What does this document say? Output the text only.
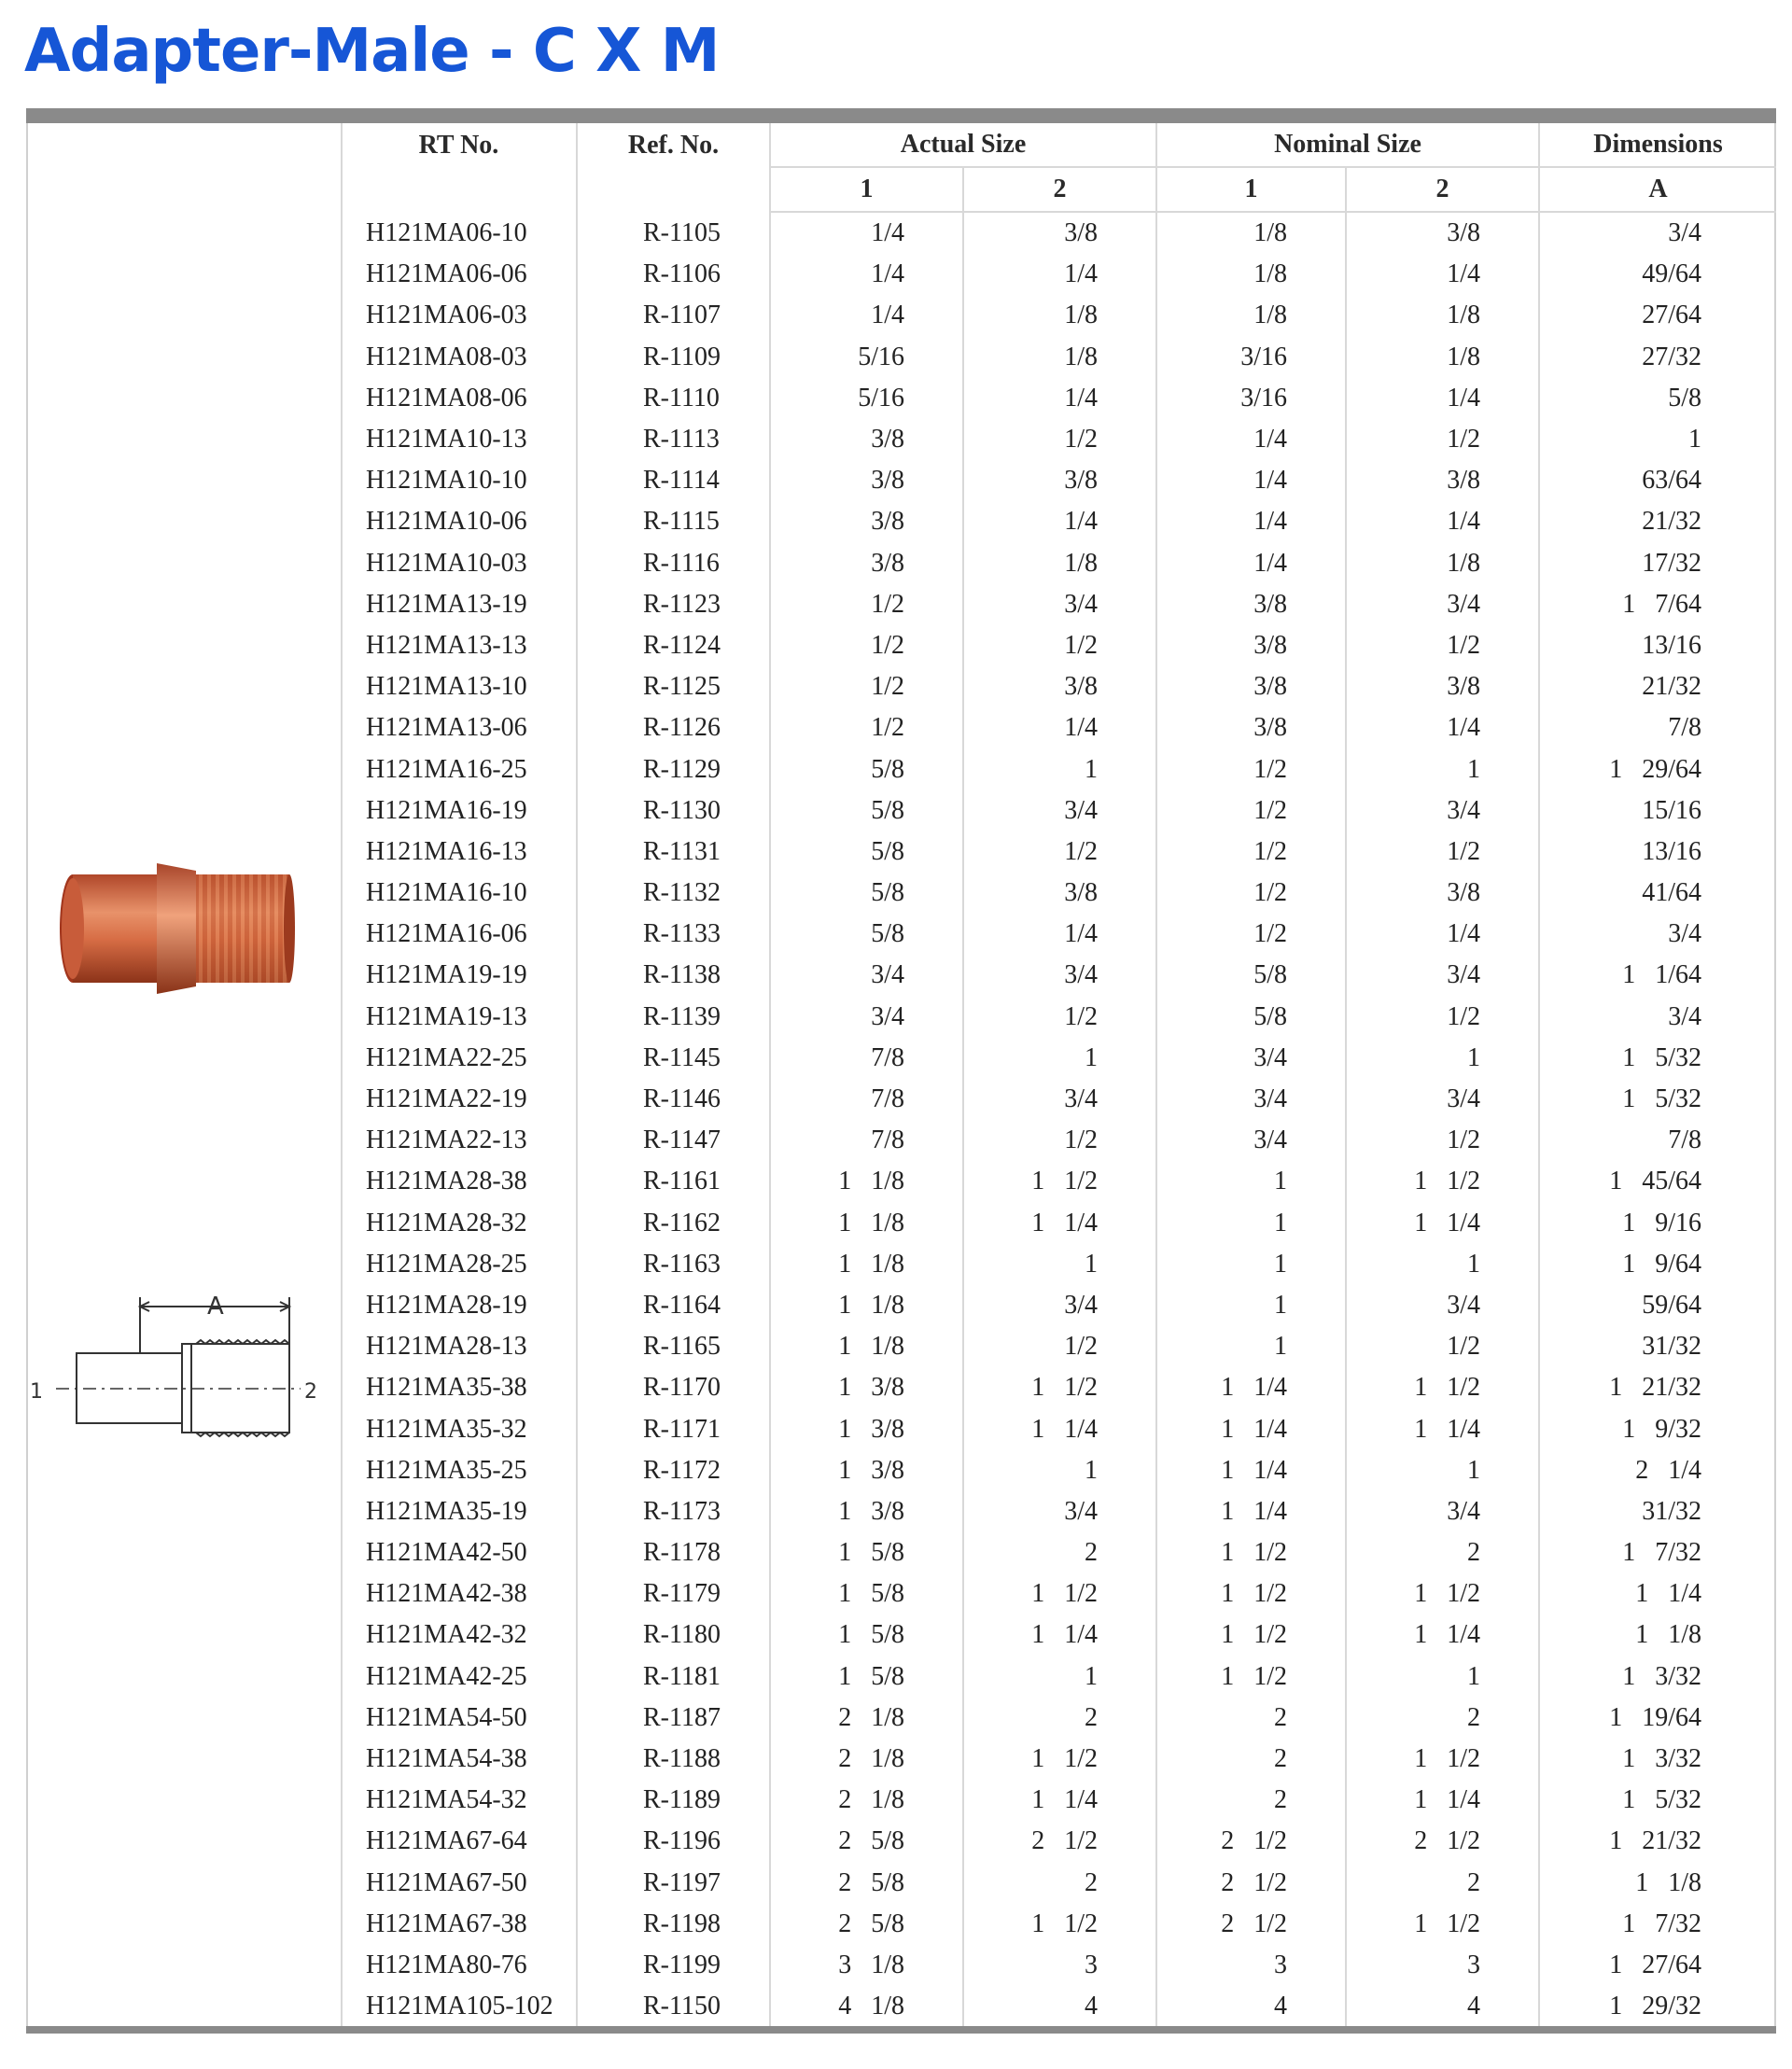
Adapter-Male - C X M
A
1	2
RT No.	Ref. No.	Actual Size		Nominal Size		Dimensions
		1	2	1	2	A
H121MA06-10	R-1105	1/4	3/8	1/8	3/8	3/4
H121MA06-06	R-1106	1/4	1/4	1/8	1/4	49/64
H121MA06-03	R-1107	1/4	1/8	1/8	1/8	27/64
H121MA08-03	R-1109	5/16	1/8	3/16	1/8	27/32
H121MA08-06	R-1110	5/16	1/4	3/16	1/4	5/8
H121MA10-13	R-1113	3/8	1/2	1/4	1/2	1
H121MA10-10	R-1114	3/8	3/8	1/4	3/8	63/64
H121MA10-06	R-1115	3/8	1/4	1/4	1/4	21/32
H121MA10-03	R-1116	3/8	1/8	1/4	1/8	17/32
H121MA13-19	R-1123	1/2	3/4	3/8	3/4	1   7/64
H121MA13-13	R-1124	1/2	1/2	3/8	1/2	13/16
H121MA13-10	R-1125	1/2	3/8	3/8	3/8	21/32
H121MA13-06	R-1126	1/2	1/4	3/8	1/4	7/8
H121MA16-25	R-1129	5/8	1	1/2	1	1   29/64
H121MA16-19	R-1130	5/8	3/4	1/2	3/4	15/16
H121MA16-13	R-1131	5/8	1/2	1/2	1/2	13/16
H121MA16-10	R-1132	5/8	3/8	1/2	3/8	41/64
H121MA16-06	R-1133	5/8	1/4	1/2	1/4	3/4
H121MA19-19	R-1138	3/4	3/4	5/8	3/4	1   1/64
H121MA19-13	R-1139	3/4	1/2	5/8	1/2	3/4
H121MA22-25	R-1145	7/8	1	3/4	1	1   5/32
H121MA22-19	R-1146	7/8	3/4	3/4	3/4	1   5/32
H121MA22-13	R-1147	7/8	1/2	3/4	1/2	7/8
H121MA28-38	R-1161	1   1/8	1   1/2	1	1   1/2	1   45/64
H121MA28-32	R-1162	1   1/8	1   1/4	1	1   1/4	1   9/16
H121MA28-25	R-1163	1   1/8	1	1	1	1   9/64
H121MA28-19	R-1164	1   1/8	3/4	1	3/4	59/64
H121MA28-13	R-1165	1   1/8	1/2	1	1/2	31/32
H121MA35-38	R-1170	1   3/8	1   1/2	1   1/4	1   1/2	1   21/32
H121MA35-32	R-1171	1   3/8	1   1/4	1   1/4	1   1/4	1   9/32
H121MA35-25	R-1172	1   3/8	1	1   1/4	1	2   1/4
H121MA35-19	R-1173	1   3/8	3/4	1   1/4	3/4	31/32
H121MA42-50	R-1178	1   5/8	2	1   1/2	2	1   7/32
H121MA42-38	R-1179	1   5/8	1   1/2	1   1/2	1   1/2	1   1/4
H121MA42-32	R-1180	1   5/8	1   1/4	1   1/2	1   1/4	1   1/8
H121MA42-25	R-1181	1   5/8	1	1   1/2	1	1   3/32
H121MA54-50	R-1187	2   1/8	2	2	2	1   19/64
H121MA54-38	R-1188	2   1/8	1   1/2	2	1   1/2	1   3/32
H121MA54-32	R-1189	2   1/8	1   1/4	2	1   1/4	1   5/32
H121MA67-64	R-1196	2   5/8	2   1/2	2   1/2	2   1/2	1   21/32
H121MA67-50	R-1197	2   5/8	2	2   1/2	2	1   1/8
H121MA67-38	R-1198	2   5/8	1   1/2	2   1/2	1   1/2	1   7/32
H121MA80-76	R-1199	3   1/8	3	3	3	1   27/64
H121MA105-102	R-1150	4   1/8	4	4	4	1   29/32
